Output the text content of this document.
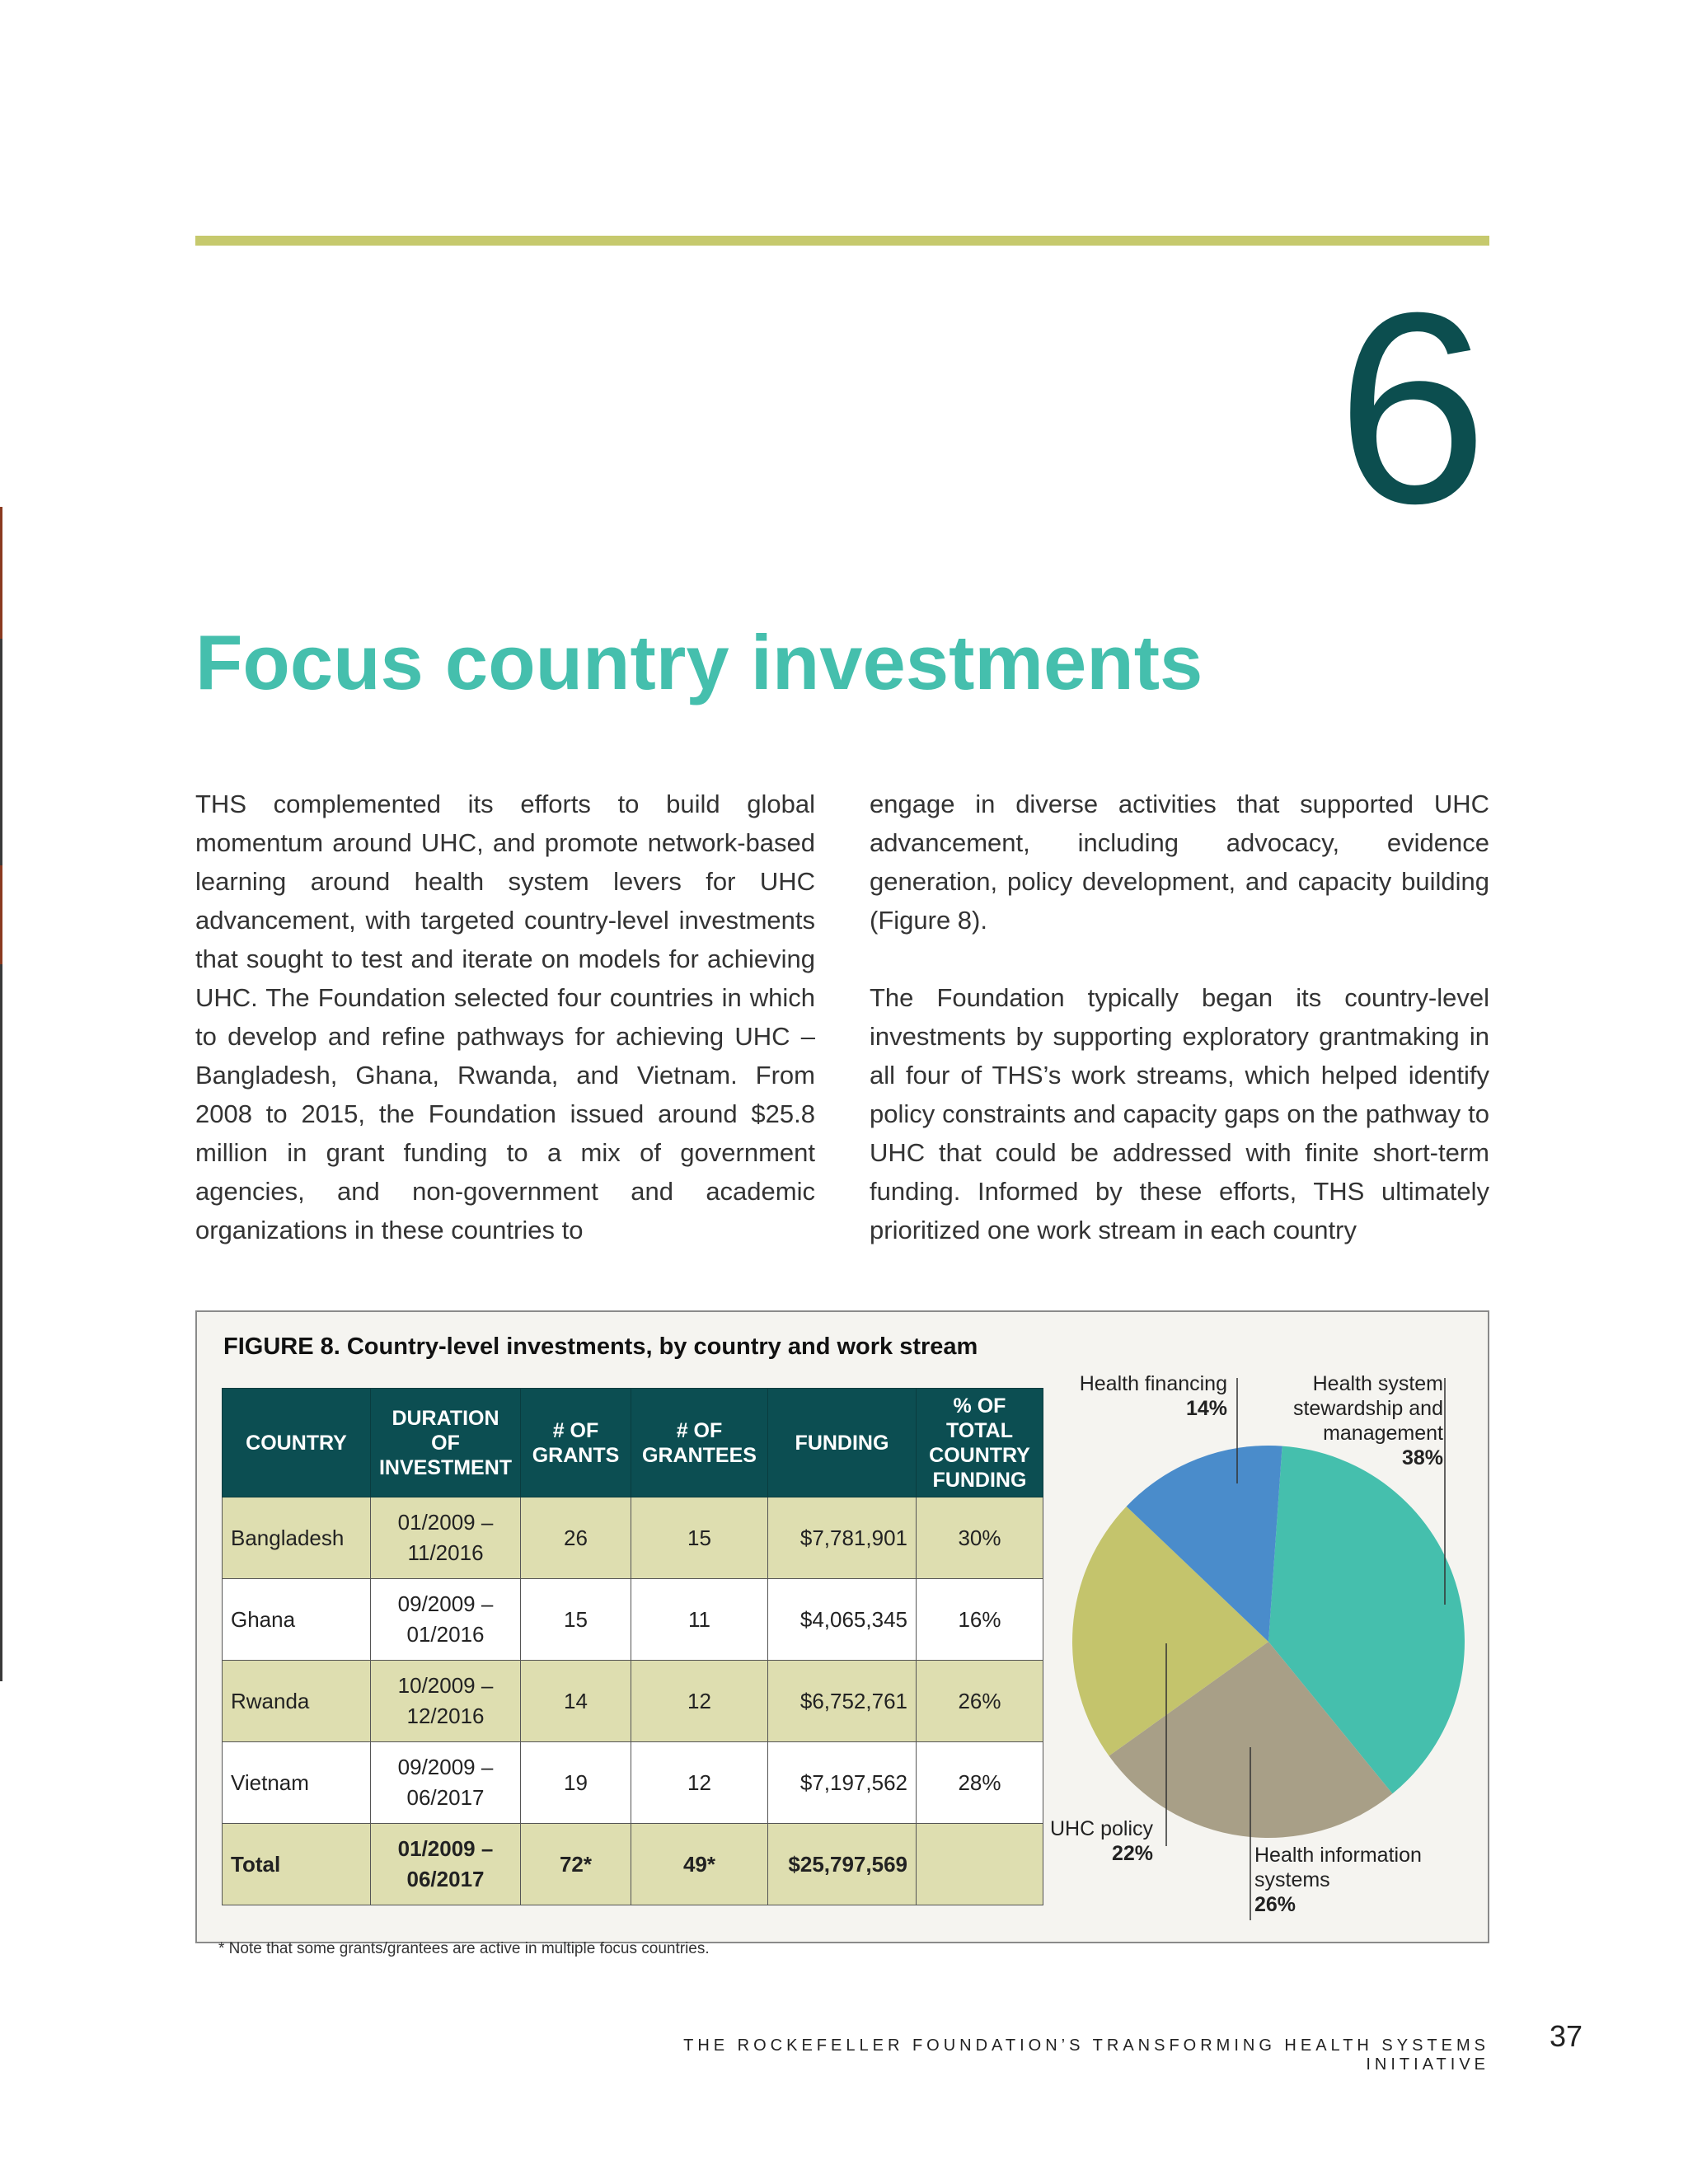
6
Focus country investments

THS complemented its efforts to build global momentum around UHC, and promote network-based learning around health system levers for UHC advancement, with targeted country-level investments that sought to test and iterate on models for achieving UHC. The Foundation selected four countries in which to develop and refine pathways for achieving UHC – Bangladesh, Ghana, Rwanda, and Vietnam. From 2008 to 2015, the Foundation issued around $25.8 million in grant funding to a mix of government agencies, and non-government and academic organizations in these countries to

engage in diverse activities that supported UHC advancement, including advocacy, evidence generation, policy development, and capacity building (Figure 8).

The Foundation typically began its country-level investments by supporting exploratory grantmaking in all four of THS’s work streams, which helped identify policy constraints and capacity gaps on the pathway to UHC that could be addressed with finite short-term funding. Informed by these efforts, THS ultimately prioritized one work stream in each country

FIGURE 8. Country-level investments, by country and work stream
COUNTRY	DURATION OF INVESTMENT	# OF GRANTS	# OF GRANTEES	FUNDING	% OF TOTAL COUNTRY FUNDING
Bangladesh	01/2009 –
11/2016	26	15	$7,781,901	30%
Ghana	09/2009 –
01/2016	15	11	$4,065,345	16%
Rwanda	10/2009 –
12/2016	14	12	$6,752,761	26%
Vietnam	09/2009 –
06/2017	19	12	$7,197,562	28%
Total	01/2009 –
06/2017	72*	49*	$25,797,569	
Health financing
14%
Health system stewardship and management
38%
UHC policy
22%	Health information systems
26%
* Note that some grants/grantees are active in multiple focus countries.
THE ROCKEFELLER FOUNDATION’S TRANSFORMING HEALTH SYSTEMS INITIATIVE
37
